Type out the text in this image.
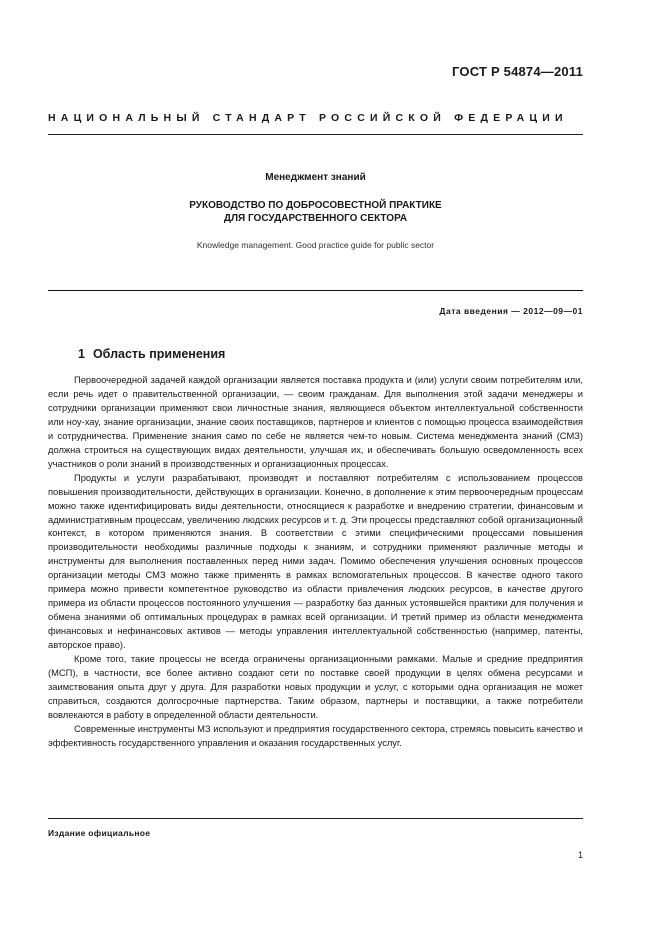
ГОСТ Р 54874—2011
НАЦИОНАЛЬНЫЙ СТАНДАРТ РОССИЙСКОЙ ФЕДЕРАЦИИ
Менеджмент знаний
РУКОВОДСТВО ПО ДОБРОСОВЕСТНОЙ ПРАКТИКЕ
ДЛЯ ГОСУДАРСТВЕННОГО СЕКТОРА
Knowledge management. Good practice guide for public sector
Дата введения — 2012—09—01
1 Область применения

Первоочередной задачей каждой организации является поставка продукта и (или) услуги своим потребителям или, если речь идет о правительственной организации, — своим гражданам. Для выполнения этой задачи менеджеры и сотрудники организации применяют свои личностные знания, являющиеся объектом интеллектуальной собственности или ноу-хау, знание организации, знание своих поставщиков, партнеров и клиентов с помощью процесса взаимодействия и сотрудничества. Применение знания само по себе не является чем-то новым. Система менеджмента знаний (СМЗ) должна строиться на существующих видах деятельности, улучшая их, и обеспечивать большую осведомленность всех участников о роли знаний в производственных и организационных процессах.

Продукты и услуги разрабатывают, производят и поставляют потребителям с использованием процессов повышения производительности, действующих в организации. Конечно, в дополнение к этим первоочередным процессам можно также идентифицировать виды деятельности, относящиеся к разработке и внедрению стратегии, финансовым и административным процессам, увеличению людских ресурсов и т. д. Эти процессы представляют собой организационный контекст, в котором применяются знания. В соответствии с этими специфическими процессами повышения производительности необходимы различные подходы к знаниям, и сотрудники применяют различные методы и инструменты для выполнения поставленных перед ними задач. Помимо обеспечения улучшения основных процессов организации методы СМЗ можно также применять в рамках вспомогательных процессов. В качестве одного такого примера можно привести компетентное руководство из области привлечения людских ресурсов, в качестве другого примера из области процессов постоянного улучшения — разработку баз данных устоявшейся практики для получения и обмена знаниями об оптимальных процедурах в рамках всей организации. И третий пример из области менеджмента финансовых и нефинансовых активов — методы управления интеллектуальной собственностью (например, патенты, авторское право).

Кроме того, такие процессы не всегда ограничены организационными рамками. Малые и средние предприятия (МСП), в частности, все более активно создают сети по поставке своей продукции в целях обмена ресурсами и заимствования опыта друг у друга. Для разработки новых продукции и услуг, с которыми одна организация не может справиться, создаются долгосрочные партнерства. Таким образом, партнеры и поставщики, а также потребители вовлекаются в работу в определенной области деятельности.

Современные инструменты МЗ используют и предприятия государственного сектора, стремясь повысить качество и эффективность государственного управления и оказания государственных услуг.

Издание официальное
1
